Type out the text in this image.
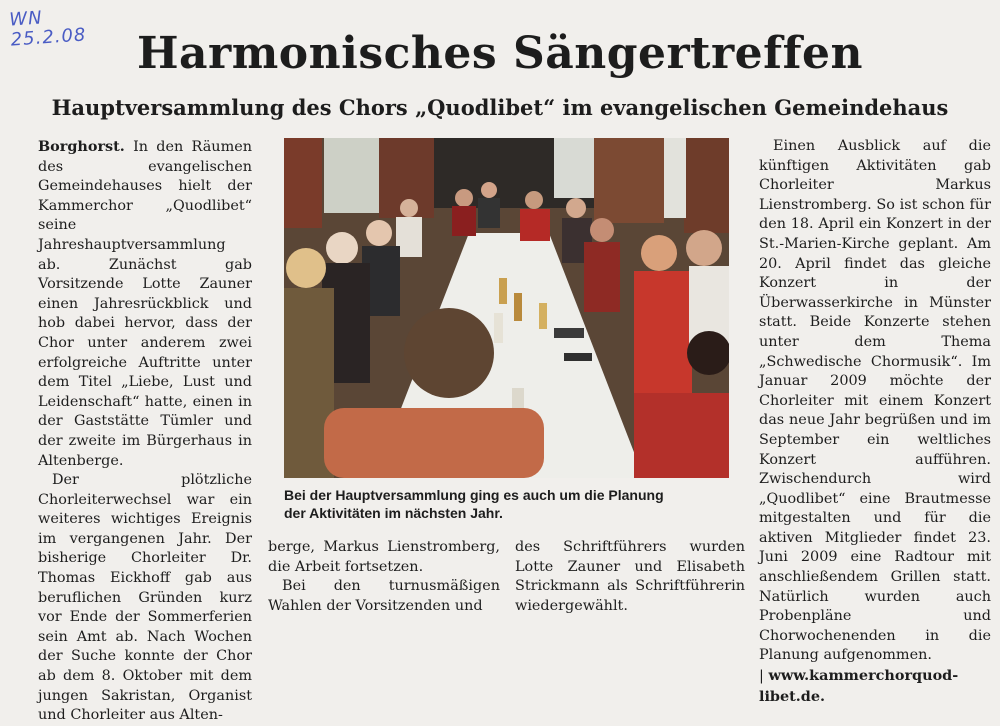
WN
25.2.08	Harmonisches Sängertreffen
Hauptversammlung des Chors „Quodlibet“ im evangelischen Gemeindehaus

Borghorst. In den Räumen des evangelischen Gemeindehauses hielt der Kammerchor „Quodlibet“ seine Jahreshauptversammlung ab. Zunächst gab Vorsitzende Lotte Zauner einen Jahresrückblick und hob dabei hervor, dass der Chor unter anderem zwei erfolgreiche Auftritte unter dem Titel „Liebe, Lust und Leidenschaft“ hatte, einen in der Gaststätte Tümler und der zweite im Bürgerhaus in Altenberge.

Der plötzliche Chorleiterwechsel war ein weiteres wichtiges Ereignis im vergangenen Jahr. Der bisherige Chorleiter Dr. Thomas Eickhoff gab aus beruflichen Gründen kurz vor Ende der Sommerferien sein Amt ab. Nach Wochen der Suche konnte der Chor ab dem 8. Oktober mit dem jungen Sakristan, Organist und Chorleiter aus Alten-

Bei der Hauptversammlung ging es auch um die Planung
der Aktivitäten im nächsten Jahr.

berge, Markus Lienstromberg, die Arbeit fortsetzen.

Bei den turnusmäßigen Wahlen der Vorsitzenden und

des Schriftführers wurden Lotte Zauner und Elisabeth Strickmann als Schriftführerin wiedergewählt.

Einen Ausblick auf die künftigen Aktivitäten gab Chorleiter Markus Lienstromberg. So ist schon für den 18. April ein Konzert in der St.-Marien-Kirche geplant. Am 20. April findet das gleiche Konzert in der Überwasserkirche in Münster statt. Beide Konzerte stehen unter dem Thema „Schwedische Chormusik“. Im Januar 2009 möchte der Chorleiter mit einem Konzert das neue Jahr begrüßen und im September ein weltliches Konzert aufführen. Zwischendurch wird „Quodlibet“ eine Brautmesse mitgestalten und für die aktiven Mitglieder findet 23. Juni 2009 eine Radtour mit anschließendem Grillen statt. Natürlich wurden auch Probenpläne und Chorwochenenden in die Planung aufgenommen.

| www.kammerchorquod-
libet.de.
